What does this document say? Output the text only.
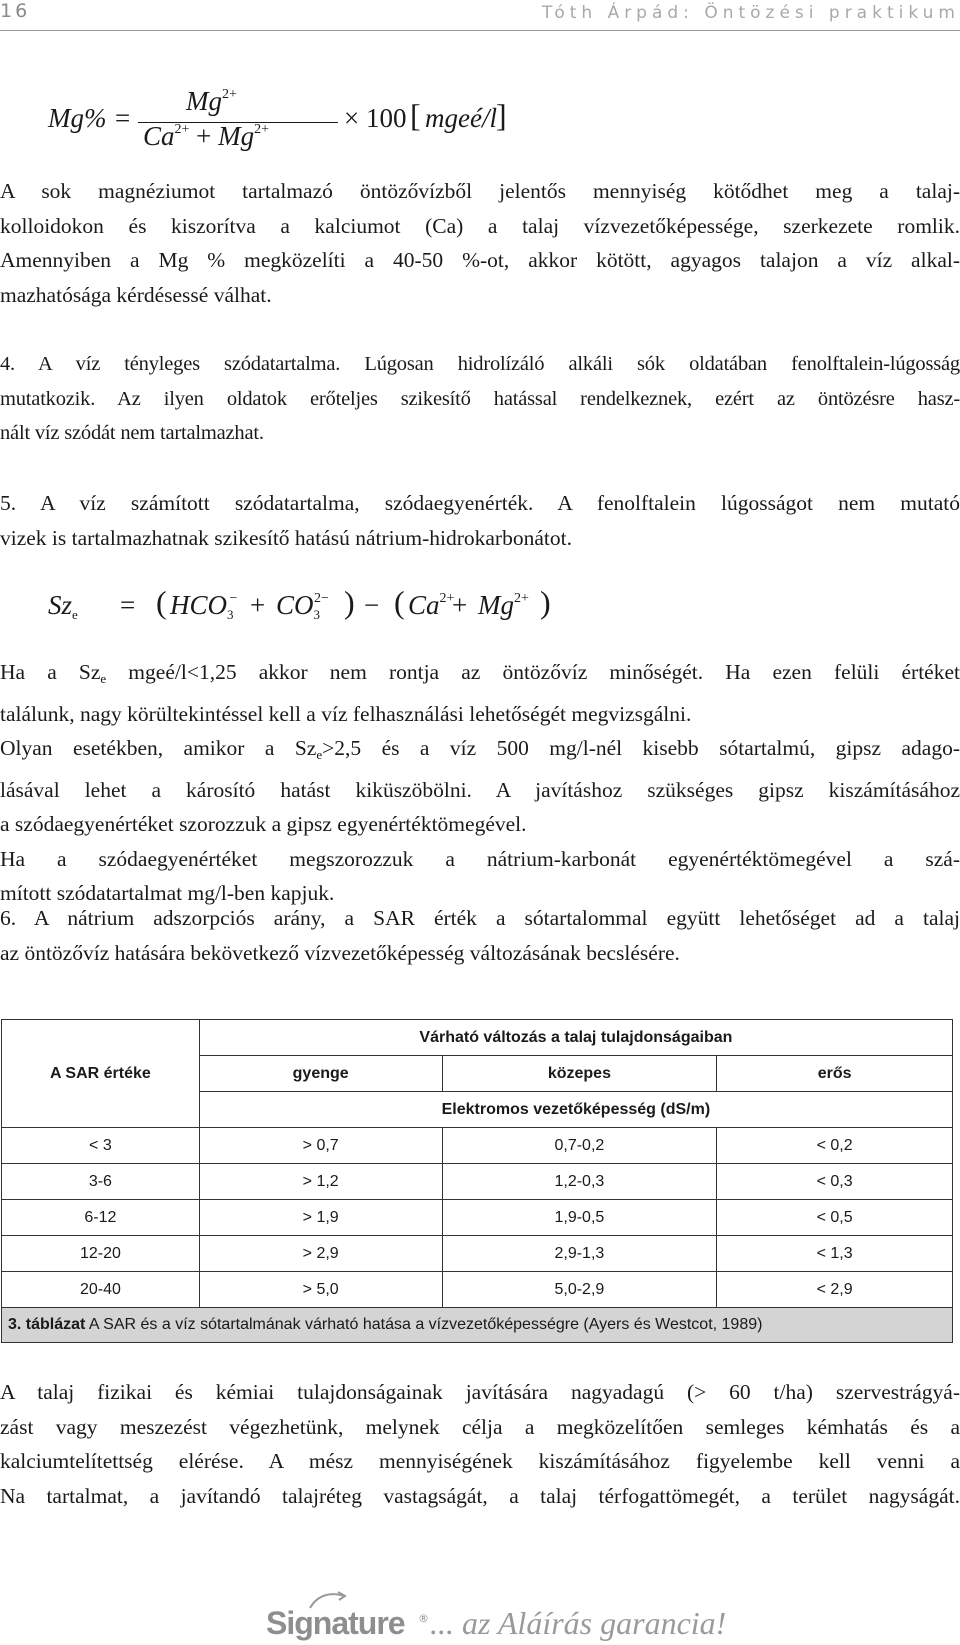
16	Tóth Árpád: Öntözési praktikum
Mg% =
$Mg^{2+}$
$Ca^{2+} + Mg^{2+}$	× 100 [ mgeé/l ]

A sok magnéziumot tartalmazó öntözővízből jelentős mennyiség kötődhet meg a talaj-
kolloidokon és kiszorítva a kalciumot (Ca) a talaj vízvezetőképessége, szerkezete romlik.
Amennyiben a Mg % megközelíti a 40-50 %-ot, akkor kötött, agyagos talajon a víz alkal-
mazhatósága kérdésessé válhat.

4. A víz tényleges szódatartalma. Lúgosan hidrolízáló alkáli sók oldatában fenolftalein-lúgosság
mutatkozik. Az ilyen oldatok erőteljes szikesítő hatással rendelkeznek, ezért az öntözésre hasz-
nált víz szódát nem tartalmazhat.

5. A víz számított szódatartalma, szódaegyenérték. A fenolftalein lúgosságot nem mutató
vizek is tartalmazhatnak szikesítő hatású nátrium-hidrokarbonátot.

$Sz_e$ = ( $HCO_3^- + CO_3^{2-}$ ) − ( $Ca^{2+}$
+ $Mg^{2+}$ )

Ha a $Sz_e$ mgeé/l<1,25 akkor nem rontja az öntözővíz minőségét. Ha ezen felüli értéket
találunk, nagy körültekintéssel kell a víz felhasználási lehetőségét megvizsgálni.
Olyan esetékben, amikor a $Sz_e>2,5$ és a víz 500 mg/l-nél kisebb sótartalmú, gipsz adago-
lásával lehet a károsító hatást kiküszöbölni. A javításhoz szükséges gipsz kiszámításához
a szódaegyenértéket szorozzuk a gipsz egyenértéktömegével.
Ha a szódaegyenértéket megszorozzuk a nátrium-karbonát egyenértéktömegével a szá-
mított szódatartalmat mg/l-ben kapjuk.

6. A nátrium adszorpciós arány, a SAR érték a sótartalommal együtt lehetőséget ad a talaj
az öntözővíz hatására bekövetkező vízvezetőképesség változásának becslésére.

A SAR értéke	Várható változás a talaj tulajdonságaiban		
	gyenge	közepes	erős
	Elektromos vezetőképesség (dS/m)		
< 3	> 0,7	0,7-0,2	< 0,2
3-6	> 1,2	1,2-0,3	< 0,3
6-12	> 1,9	1,9-0,5	< 0,5
12-20	> 2,9	2,9-1,3	< 1,3
20-40	> 5,0	5,0-2,9	< 2,9
3. táblázat A SAR és a víz sótartalmának várható hatása a vízvezetőképességre (Ayers és Westcot, 1989)			

A talaj fizikai és kémiai tulajdonságainak javítására nagyadagú (> 60 t/ha) szervestrágyá-
zást vagy meszezést végezhetünk, melynek célja a megközelítően semleges kémhatás és a
kalciumtelítettség elérése. A mész mennyiségének kiszámításához figyelembe kell venni a
Na tartalmat, a javítandó talajréteg vastagságát, a talaj térfogattömegét, a terület nagyságát.

Signature ® ... az Aláírás garancia!
